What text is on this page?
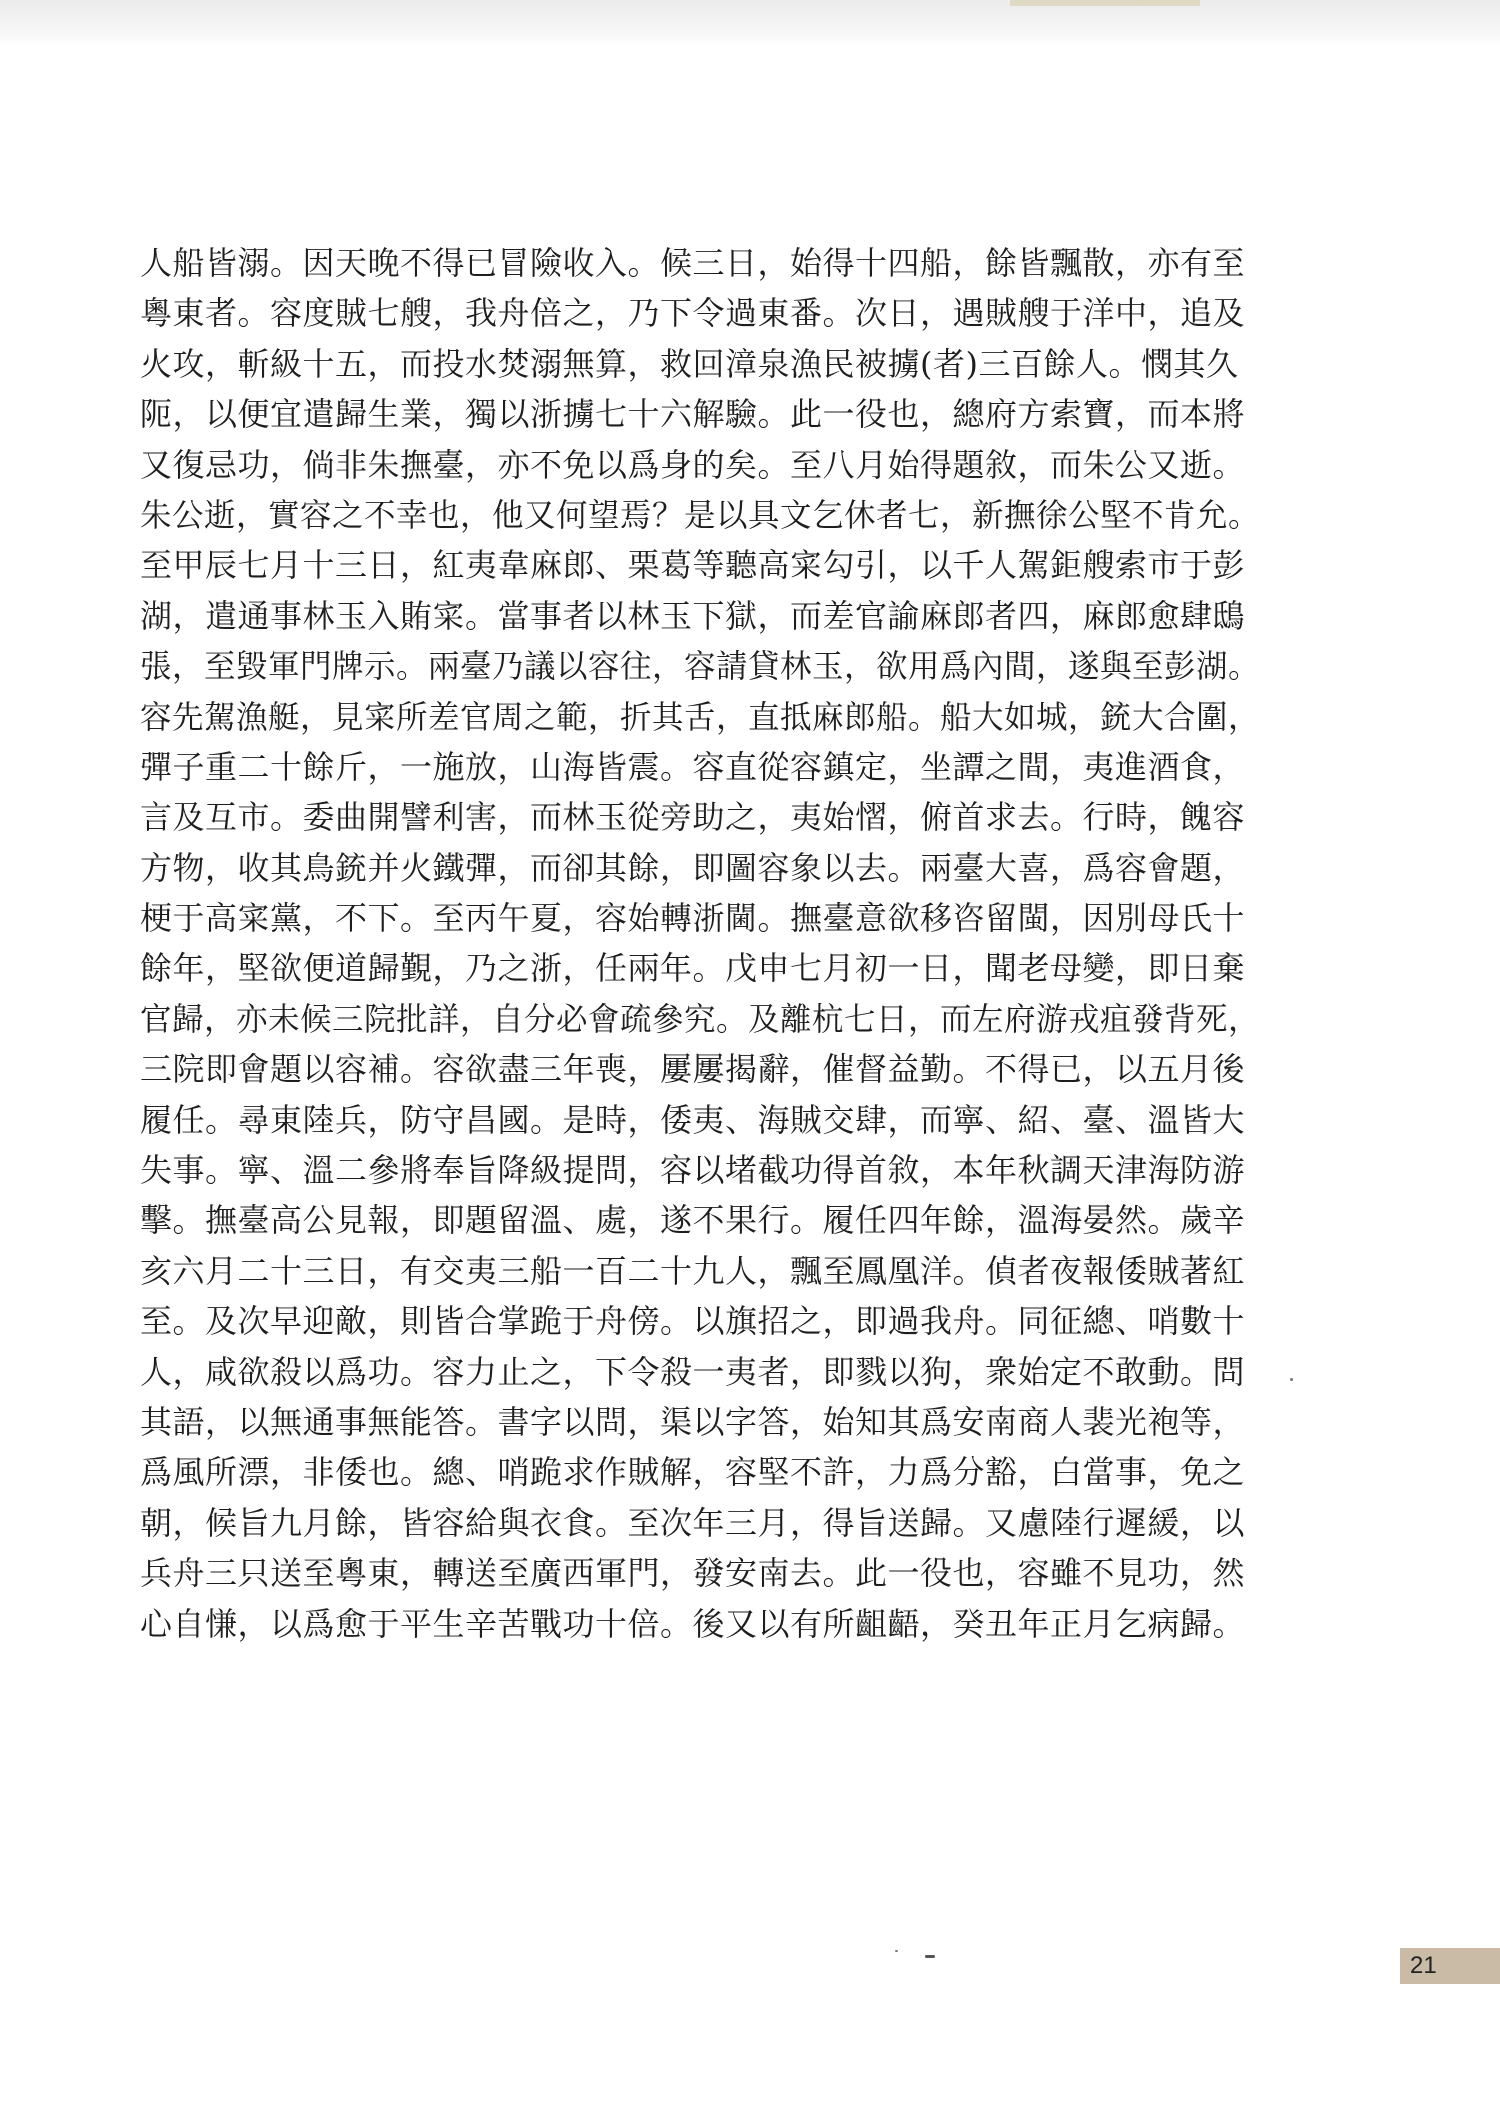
人船皆溺。因天晚不得已冒險收入。候三日，始得十四船，餘皆飄散，亦有至
粵東者。容度賊七艘，我舟倍之，乃下令過東番。次日，遇賊艘于洋中，追及
火攻，斬級十五，而投水焚溺無算，救回漳泉漁民被擄(者)三百餘人。憫其久
阨，以便宜遣歸生業，獨以浙擄七十六解驗。此一役也，總府方索寶，而本將
又復忌功，倘非朱撫臺，亦不免以爲身的矣。至八月始得題敘，而朱公又逝。
朱公逝，實容之不幸也，他又何望焉？是以具文乞休者七，新撫徐公堅不肯允。
至甲辰七月十三日，紅夷韋麻郎、栗葛等聽高寀勾引，以千人駕鉅艘索市于彭
湖，遣通事林玉入賄寀。當事者以林玉下獄，而差官諭麻郎者四，麻郎愈肆鴟
張，至毀軍門牌示。兩臺乃議以容往，容請貸林玉，欲用爲內間，遂與至彭湖。
容先駕漁艇，見寀所差官周之範，折其舌，直抵麻郎船。船大如城，銃大合圍，
彈子重二十餘斤，一施放，山海皆震。容直從容鎮定，坐譚之間，夷進酒食，
言及互市。委曲開譬利害，而林玉從旁助之，夷始慴，俯首求去。行時，餽容
方物，收其鳥銃并火鐵彈，而卻其餘，即圖容象以去。兩臺大喜，爲容會題，
梗于高寀黨，不下。至丙午夏，容始轉浙閫。撫臺意欲移咨留閩，因別母氏十
餘年，堅欲便道歸覲，乃之浙，任兩年。戊申七月初一日，聞老母變，即日棄
官歸，亦未候三院批詳，自分必會疏參究。及離杭七日，而左府游戎疽發背死，
三院即會題以容補。容欲盡三年喪，屢屢揭辭，催督益勤。不得已，以五月後
履任。尋東陸兵，防守昌國。是時，倭夷、海賊交肆，而寧、紹、臺、溫皆大
失事。寧、溫二參將奉旨降級提問，容以堵截功得首敘，本年秋調天津海防游
擊。撫臺高公見報，即題留溫、處，遂不果行。履任四年餘，溫海晏然。歲辛
亥六月二十三日，有交夷三船一百二十九人，飄至鳳凰洋。偵者夜報倭賊著紅
至。及次早迎敵，則皆合掌跪于舟傍。以旗招之，即過我舟。同征總、哨數十
人，咸欲殺以爲功。容力止之，下令殺一夷者，即戮以狗，衆始定不敢動。問
其語，以無通事無能答。書字以問，渠以字答，始知其爲安南商人裴光袍等，
爲風所漂，非倭也。總、哨跪求作賊解，容堅不許，力爲分豁，白當事，免之
朝，候旨九月餘，皆容給與衣食。至次年三月，得旨送歸。又慮陸行遲緩，以
兵舟三只送至粵東，轉送至廣西軍門，發安南去。此一役也，容雖不見功，然
心自慊，以爲愈于平生辛苦戰功十倍。後又以有所齟齬，癸丑年正月乞病歸。
21
